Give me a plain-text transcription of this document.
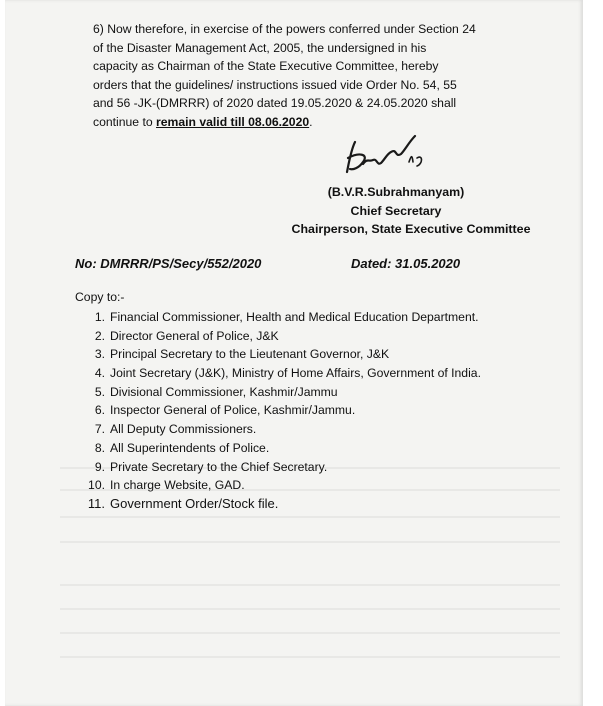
6) Now therefore, in exercise of the powers conferred under Section 24
of the Disaster Management Act, 2005, the undersigned in his
capacity as Chairman of the State Executive Committee, hereby
orders that the guidelines/ instructions issued vide Order No. 54, 55
and 56 -JK-(DMRRR) of 2020 dated 19.05.2020 & 24.05.2020 shall
continue to remain valid till 08.06.2020.
(B.V.R.Subrahmanyam)
Chief Secretary
Chairperson, State Executive Committee
No: DMRRR/PS/Secy/552/2020	Dated: 31.05.2020
Copy to:-
1. Financial Commissioner, Health and Medical Education Department.
2. Director General of Police, J&K
3. Principal Secretary to the Lieutenant Governor, J&K
4. Joint Secretary (J&K), Ministry of Home Affairs, Government of India.
5. Divisional Commissioner, Kashmir/Jammu
6. Inspector General of Police, Kashmir/Jammu.
7. All Deputy Commissioners.
8. All Superintendents of Police.
9. Private Secretary to the Chief Secretary.
10. In charge Website, GAD.
11. Government Order/Stock file.
